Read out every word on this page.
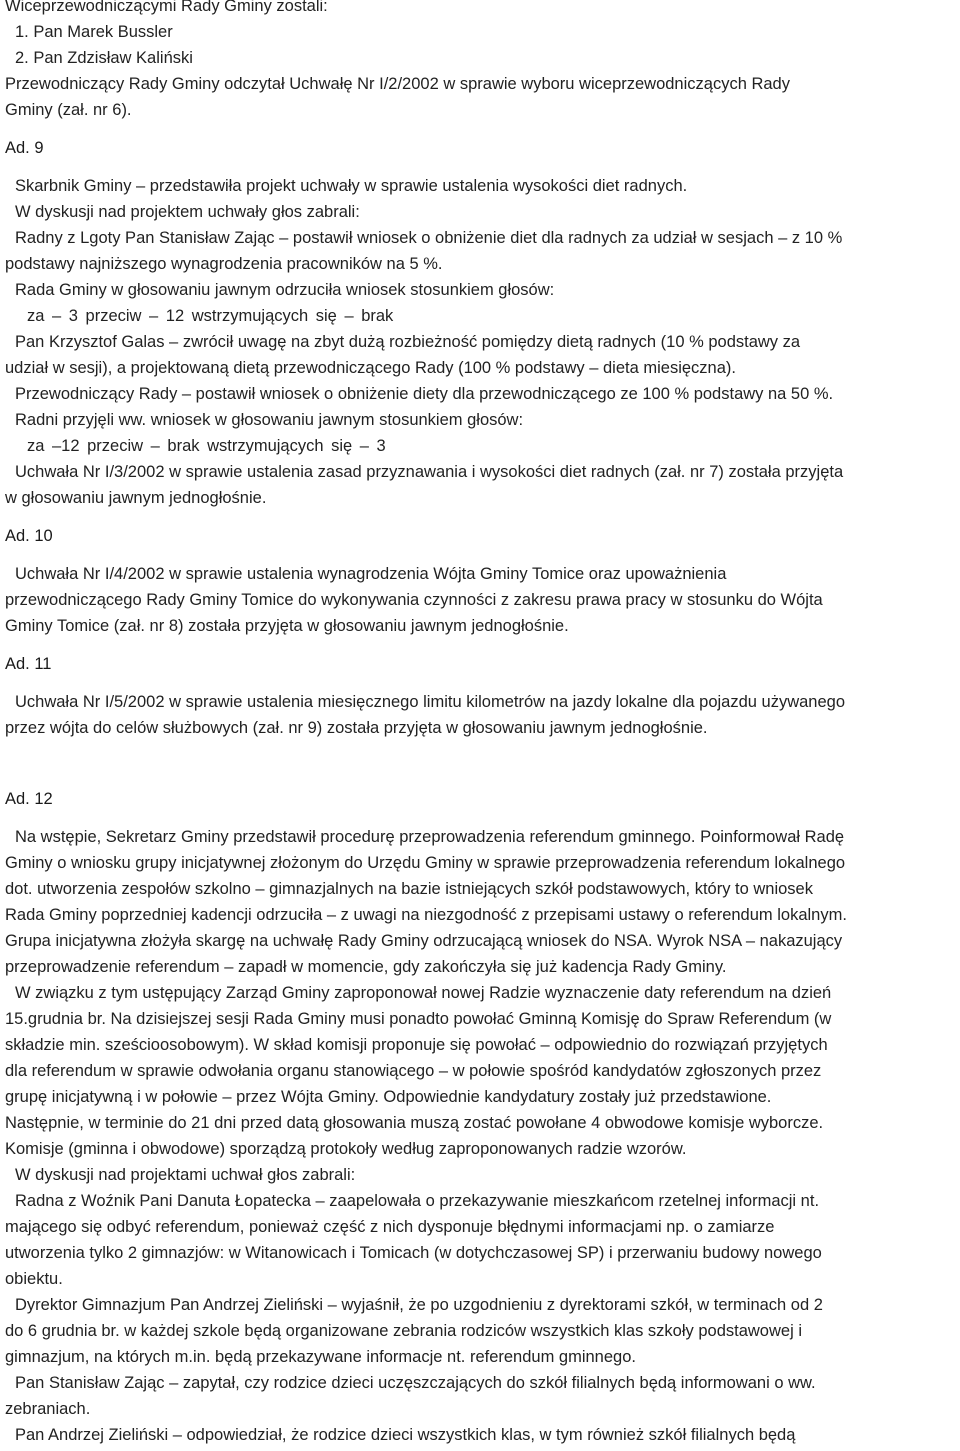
Wiceprzewodniczącymi Rady Gminy zostali:
1. Pan Marek Bussler
2. Pan Zdzisław Kaliński
Przewodniczący Rady Gminy odczytał Uchwałę Nr I/2/2002 w sprawie wyboru wiceprzewodniczących Rady
Gminy (zał. nr 6).
Ad. 9
Skarbnik Gminy – przedstawiła projekt uchwały w sprawie ustalenia wysokości diet radnych.
W dyskusji nad projektem uchwały głos zabrali:
Radny z Lgoty Pan Stanisław Zając – postawił wniosek o obniżenie diet dla radnych za udział w sesjach – z 10 %
podstawy najniższego wynagrodzenia pracowników na 5 %.
Rada Gminy w głosowaniu jawnym odrzuciła wniosek stosunkiem głosów:
za – 3 przeciw – 12 wstrzymujących się – brak
Pan Krzysztof Galas – zwrócił uwagę na zbyt dużą rozbieżność pomiędzy dietą radnych (10 % podstawy za
udział w sesji), a projektowaną dietą przewodniczącego Rady (100 % podstawy – dieta miesięczna).
Przewodniczący Rady – postawił wniosek o obniżenie diety dla przewodniczącego ze 100 % podstawy na 50 %.
Radni przyjęli ww. wniosek w głosowaniu jawnym stosunkiem głosów:
za –12 przeciw – brak wstrzymujących się – 3
Uchwała Nr I/3/2002 w sprawie ustalenia zasad przyznawania i wysokości diet radnych (zał. nr 7) została przyjęta
w głosowaniu jawnym jednogłośnie.
Ad. 10
Uchwała Nr I/4/2002 w sprawie ustalenia wynagrodzenia Wójta Gminy Tomice oraz upoważnienia
przewodniczącego Rady Gminy Tomice do wykonywania czynności z zakresu prawa pracy w stosunku do Wójta
Gminy Tomice (zał. nr 8) została przyjęta w głosowaniu jawnym jednogłośnie.
Ad. 11
Uchwała Nr I/5/2002 w sprawie ustalenia miesięcznego limitu kilometrów na jazdy lokalne dla pojazdu używanego
przez wójta do celów służbowych (zał. nr 9) została przyjęta w głosowaniu jawnym jednogłośnie.
Ad. 12
Na wstępie, Sekretarz Gminy przedstawił procedurę przeprowadzenia referendum gminnego. Poinformował Radę
Gminy o wniosku grupy inicjatywnej złożonym do Urzędu Gminy w sprawie przeprowadzenia referendum lokalnego
dot. utworzenia zespołów szkolno – gimnazjalnych na bazie istniejących szkół podstawowych, który to wniosek
Rada Gminy poprzedniej kadencji odrzuciła – z uwagi na niezgodność z przepisami ustawy o referendum lokalnym.
Grupa inicjatywna złożyła skargę na uchwałę Rady Gminy odrzucającą wniosek do NSA. Wyrok NSA – nakazujący
przeprowadzenie referendum – zapadł w momencie, gdy zakończyła się już kadencja Rady Gminy.
W związku z tym ustępujący Zarząd Gminy zaproponował nowej Radzie wyznaczenie daty referendum na dzień
15.grudnia br. Na dzisiejszej sesji Rada Gminy musi ponadto powołać Gminną Komisję do Spraw Referendum (w
składzie min. sześcioosobowym). W skład komisji proponuje się powołać – odpowiednio do rozwiązań przyjętych
dla referendum w sprawie odwołania organu stanowiącego – w połowie spośród kandydatów zgłoszonych przez
grupę inicjatywną i w połowie – przez Wójta Gminy. Odpowiednie kandydatury zostały już przedstawione.
Następnie, w terminie do 21 dni przed datą głosowania muszą zostać powołane 4 obwodowe komisje wyborcze.
Komisje (gminna i obwodowe) sporządzą protokoły według zaproponowanych radzie wzorów.
W dyskusji nad projektami uchwał głos zabrali:
Radna z Woźnik Pani Danuta Łopatecka – zaapelowała o przekazywanie mieszkańcom rzetelnej informacji nt.
mającego się odbyć referendum, ponieważ część z nich dysponuje błędnymi informacjami np. o zamiarze
utworzenia tylko 2 gimnazjów: w Witanowicach i Tomicach (w dotychczasowej SP) i przerwaniu budowy nowego
obiektu.
Dyrektor Gimnazjum Pan Andrzej Zieliński – wyjaśnił, że po uzgodnieniu z dyrektorami szkół, w terminach od 2
do 6 grudnia br. w każdej szkole będą organizowane zebrania rodziców wszystkich klas szkoły podstawowej i
gimnazjum, na których m.in. będą przekazywane informacje nt. referendum gminnego.
Pan Stanisław Zając – zapytał, czy rodzice dzieci uczęszczających do szkół filialnych będą informowani o ww.
zebraniach.
Pan Andrzej Zieliński – odpowiedział, że rodzice dzieci wszystkich klas, w tym również szkół filialnych będą
